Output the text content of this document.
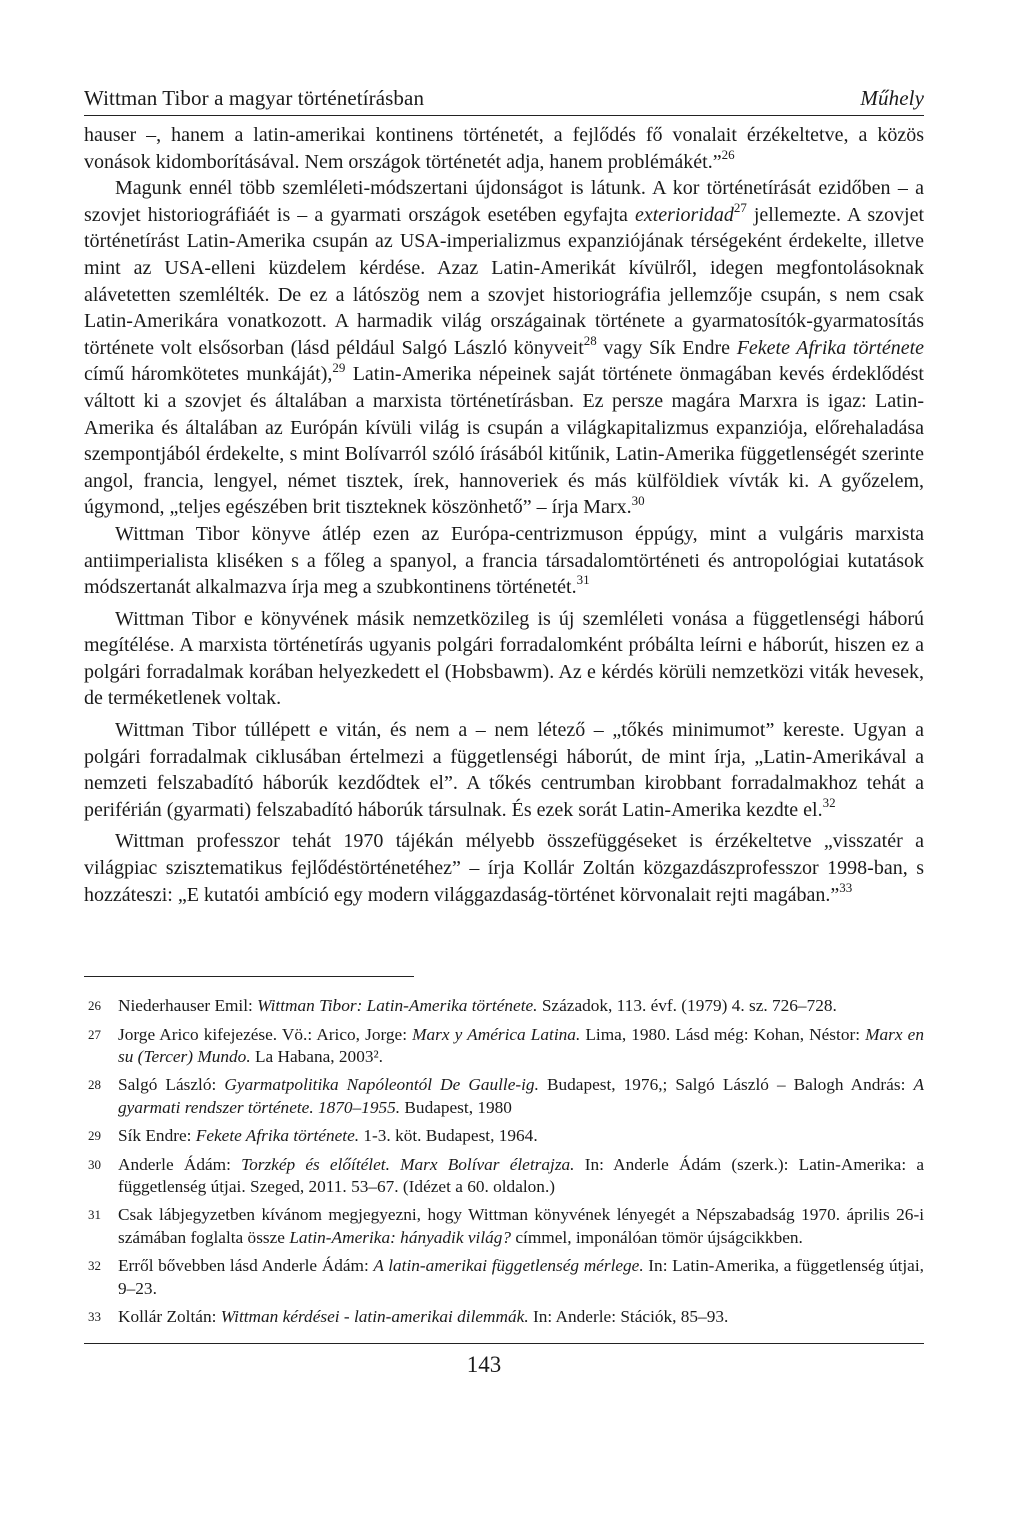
Wittman Tibor a magyar történetírásban	Műhely

hauser –, hanem a latin-amerikai kontinens történetét, a fejlődés fő vonalait érzékeltetve, a közös vonások kidomborításával. Nem országok történetét adja, hanem problémákét.”$^{26}$

Magunk ennél több szemléleti-módszertani újdonságot is látunk. A kor történetírását ezidőben – a szovjet historiográfiáét is – a gyarmati országok esetében egyfajta exterioridad$^{27}$ jellemezte. A szovjet történetírást Latin-Amerika csupán az USA-imperializmus expanziójának térségeként érdekelte, illetve mint az USA-elleni küzdelem kérdése. Azaz Latin-Amerikát kívülről, idegen megfontolásoknak alávetetten szemlélték. De ez a látószög nem a szovjet historiográfia jellemzője csupán, s nem csak Latin-Amerikára vonatkozott. A harmadik világ országainak története a gyarmatosítók-gyarmatosítás története volt elsősorban (lásd például Salgó László könyveit$^{28}$ vagy Sík Endre Fekete Afrika története című háromkötetes munkáját),$^{29}$ Latin-Amerika népeinek saját története önmagában kevés érdeklődést váltott ki a szovjet és általában a marxista történetírásban. Ez persze magára Marxra is igaz: Latin-Amerika és általában az Európán kívüli világ is csupán a világkapitalizmus expanziója, előrehaladása szempontjából érdekelte, s mint Bolívarról szóló írásából kitűnik, Latin-Amerika függetlenségét szerinte angol, francia, lengyel, német tisztek, írek, hannoveriek és más külföldiek vívták ki. A győzelem, úgymond, „teljes egészében brit tiszteknek köszönhető” – írja Marx.$^{30}$

Wittman Tibor könyve átlép ezen az Európa-centrizmuson éppúgy, mint a vulgáris marxista antiimperialista kliséken s a főleg a spanyol, a francia társadalomtörténeti és antropológiai kutatások módszertanát alkalmazva írja meg a szubkontinens történetét.$^{31}$

Wittman Tibor e könyvének másik nemzetközileg is új szemléleti vonása a függetlenségi háború megítélése. A marxista történetírás ugyanis polgári forradalomként próbálta leírni e háborút, hiszen ez a polgári forradalmak korában helyezkedett el (Hobsbawm). Az e kérdés körüli nemzetközi viták hevesek, de terméketlenek voltak.

Wittman Tibor túllépett e vitán, és nem a – nem létező – „tőkés minimumot” kereste. Ugyan a polgári forradalmak ciklusában értelmezi a függetlenségi háborút, de mint írja, „Latin-Amerikával a nemzeti felszabadító háborúk kezdődtek el”. A tőkés centrumban kirobbant forradalmakhoz tehát a periférián (gyarmati) felszabadító háborúk társulnak. És ezek sorát Latin-Amerika kezdte el.$^{32}$

Wittman professzor tehát 1970 tájékán mélyebb összefüggéseket is érzékeltetve „visszatér a világpiac szisztematikus fejlődéstörténetéhez” – írja Kollár Zoltán közgazdászprofesszor 1998-ban, s hozzáteszi: „E kutatói ambíció egy modern világgazdaság-történet körvonalait rejti magában.”$^{33}$

26 Niederhauser Emil: Wittman Tibor: Latin-Amerika története. Századok, 113. évf. (1979) 4. sz. 726–728.
27 Jorge Arico kifejezése. Vö.: Arico, Jorge: Marx y América Latina. Lima, 1980. Lásd még: Kohan, Néstor: Marx en su (Tercer) Mundo. La Habana, 2003².
28 Salgó László: Gyarmatpolitika Napóleontól De Gaulle-ig. Budapest, 1976,; Salgó László – Balogh András: A gyarmati rendszer története. 1870–1955. Budapest, 1980
29 Sík Endre: Fekete Afrika története. 1-3. köt. Budapest, 1964.
30 Anderle Ádám: Torzkép és előítélet. Marx Bolívar életrajza. In: Anderle Ádám (szerk.): Latin-Amerika: a függetlenség útjai. Szeged, 2011. 53–67. (Idézet a 60. oldalon.)
31 Csak lábjegyzetben kívánom megjegyezni, hogy Wittman könyvének lényegét a Népszabadság 1970. április 26-i számában foglalta össze Latin-Amerika: hányadik világ? címmel, imponálóan tömör újságcikkben.
32 Erről bővebben lásd Anderle Ádám: A latin-amerikai függetlenség mérlege. In: Latin-Amerika, a függetlenség útjai, 9–23.
33 Kollár Zoltán: Wittman kérdései - latin-amerikai dilemmák. In: Anderle: Stációk, 85–93.
143
